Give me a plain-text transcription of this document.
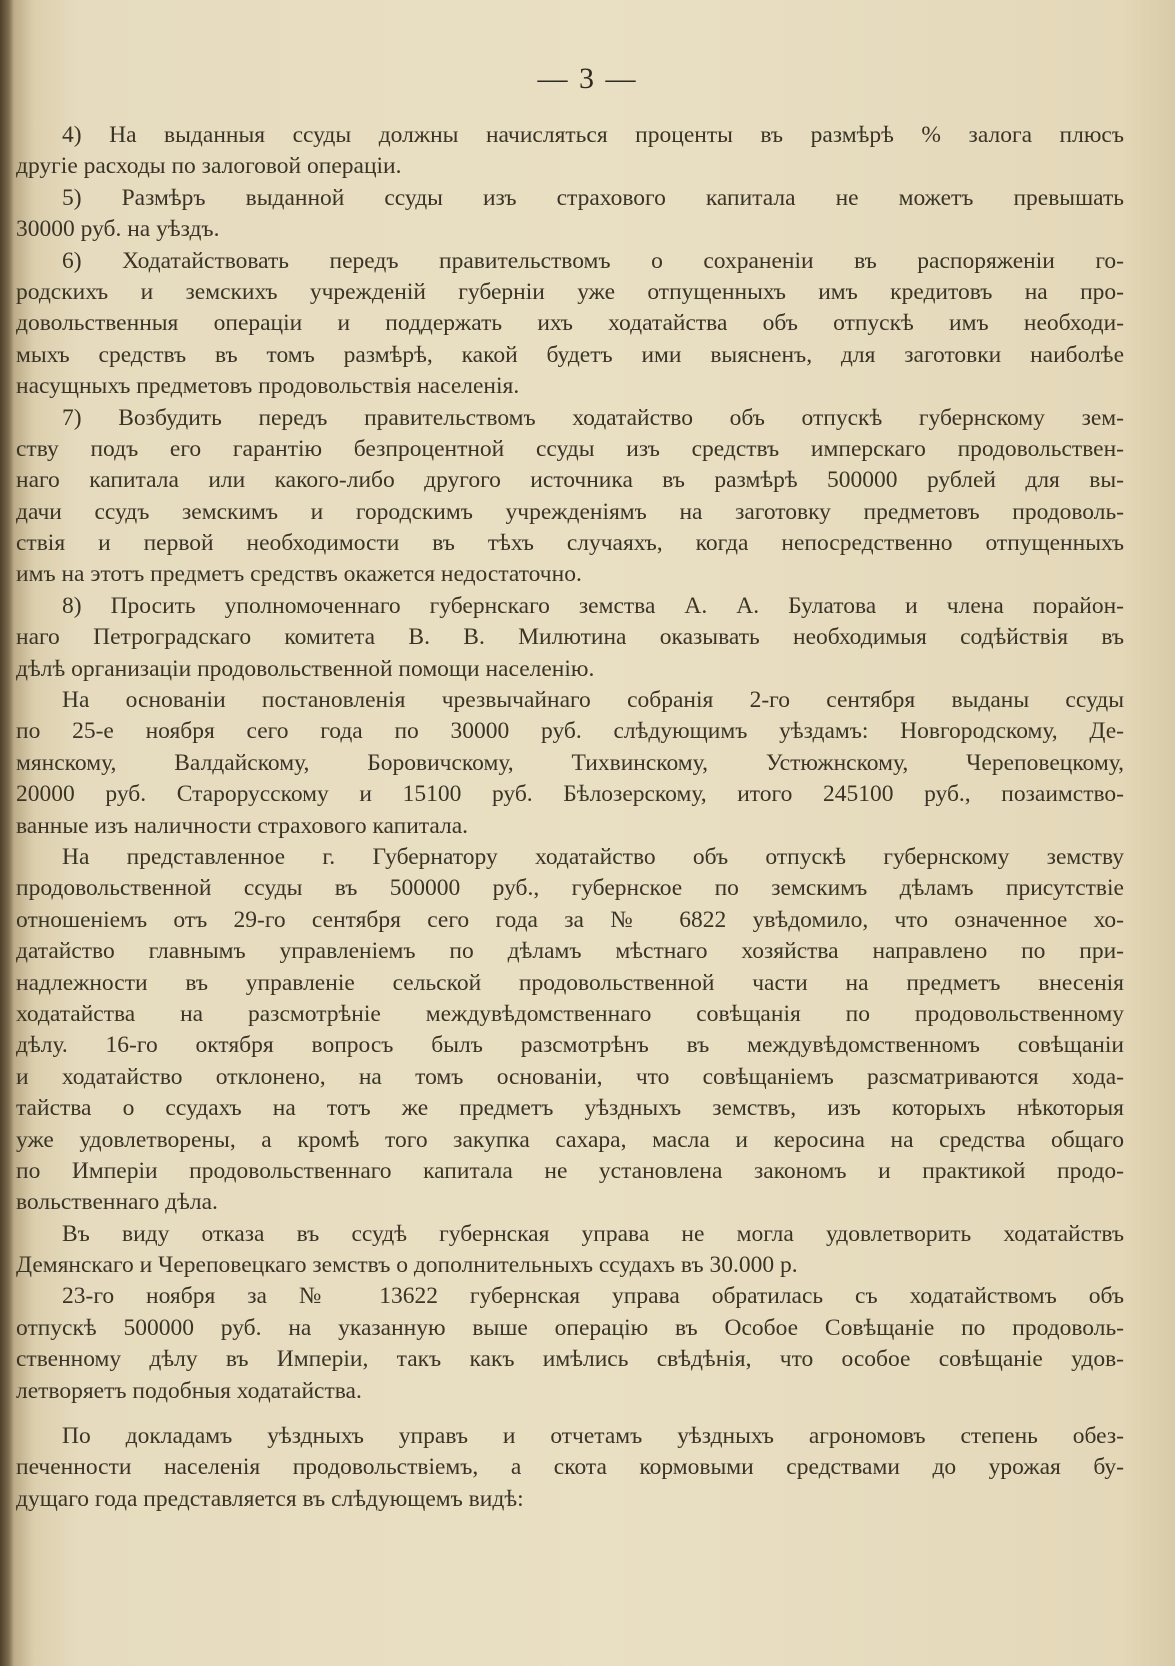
— 3 —
4) На выданныя ссуды должны начисляться проценты въ размѣрѣ % залога плюсъ
другiе расходы по залоговой операцiи.
5) Размѣръ выданной ссуды изъ страхового капитала не можетъ превышать
30000 руб. на уѣздъ.
6) Ходатайствовать передъ правительствомъ о сохраненiи въ распоряженiи го-
родскихъ и земскихъ учрежденiй губернiи уже отпущенныхъ имъ кредитовъ на про-
довольственныя операцiи и поддержать ихъ ходатайства объ отпускѣ имъ необходи-
мыхъ средствъ въ томъ размѣрѣ, какой будетъ ими выясненъ, для заготовки наиболѣе
насущныхъ предметовъ продовольствiя населенiя.
7) Возбудить передъ правительствомъ ходатайство объ отпускѣ губернскому зем-
ству подъ его гарантiю безпроцентной ссуды изъ средствъ имперскаго продовольствен-
наго капитала или какого-либо другого источника въ размѣрѣ 500000 рублей для вы-
дачи ссудъ земскимъ и городскимъ учрежденiямъ на заготовку предметовъ продоволь-
ствiя и первой необходимости въ тѣхъ случаяхъ, когда непосредственно отпущенныхъ
имъ на этотъ предметъ средствъ окажется недостаточно.
8) Просить уполномоченнаго губернскаго земства А. А. Булатова и члена порайон-
наго Петроградскаго комитета В. В. Милютина оказывать необходимыя содѣйствiя въ
дѣлѣ организацiи продовольственной помощи населенiю.
На основанiи постановленiя чрезвычайнаго собранiя 2-го сентября выданы ссуды
по 25-е ноября сего года по 30000 руб. слѣдующимъ уѣздамъ: Новгородскому, Де-
мянскому, Валдайскому, Боровичскому, Тихвинскому, Устюжнскому, Череповецкому,
20000 руб. Старорусскому и 15100 руб. Бѣлозерскому, итого 245100 руб., позаимство-
ванные изъ наличности страхового капитала.
На представленное г. Губернатору ходатайство объ отпускѣ губернскому земству
продовольственной ссуды въ 500000 руб., губернское по земскимъ дѣламъ присутствiе
отношенiемъ отъ 29-го сентября сего года за № 6822 увѣдомило, что означенное хо-
датайство главнымъ управленiемъ по дѣламъ мѣстнаго хозяйства направлено по при-
надлежности въ управленiе сельской продовольственной части на предметъ внесенiя
ходатайства на разсмотрѣнiе междувѣдомственнаго совѣщанiя по продовольственному
дѣлу. 16-го октября вопросъ былъ разсмотрѣнъ въ междувѣдомственномъ совѣщанiи
и ходатайство отклонено, на томъ основанiи, что совѣщанiемъ разсматриваются хода-
тайства о ссудахъ на тотъ же предметъ уѣздныхъ земствъ, изъ которыхъ нѣкоторыя
уже удовлетворены, а кромѣ того закупка сахара, масла и керосина на средства общаго
по Имперiи продовольственнаго капитала не установлена закономъ и практикой продо-
вольственнаго дѣла.
Въ виду отказа въ ссудѣ губернская управа не могла удовлетворить ходатайствъ
Демянскаго и Череповецкаго земствъ о дополнительныхъ ссудахъ въ 30.000 р.
23-го ноября за № 13622 губернская управа обратилась съ ходатайствомъ объ
отпускѣ 500000 руб. на указанную выше операцiю въ Особое Совѣщанiе по продоволь-
ственному дѣлу въ Имперiи, такъ какъ имѣлись свѣдѣнiя, что особое совѣщанiе удов-
летворяетъ подобныя ходатайства.
По докладамъ уѣздныхъ управъ и отчетамъ уѣздныхъ агрономовъ степень обез-
печенности населенiя продовольствiемъ, а скота кормовыми средствами до урожая бу-
дущаго года представляется въ слѣдующемъ видѣ:
